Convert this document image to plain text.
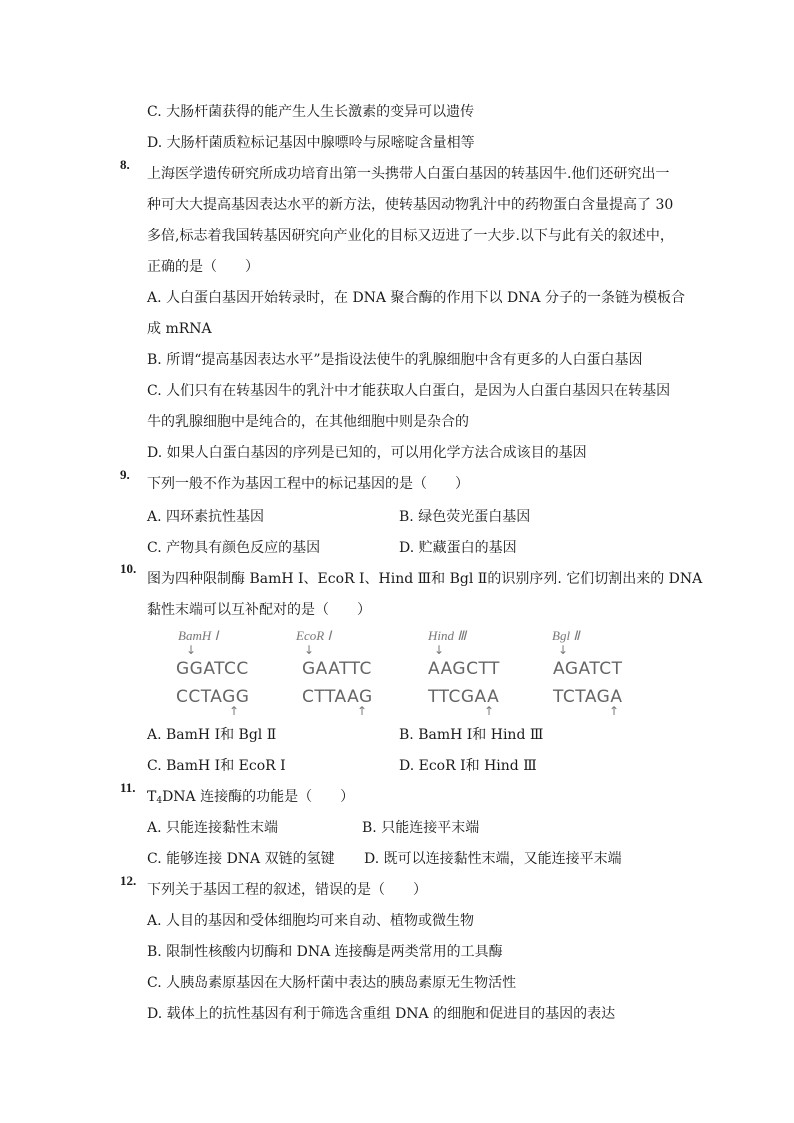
C. 大肠杆菌获得的能产生人生长激素的变异可以遗传
D. 大肠杆菌质粒标记基因中腺嘌呤与尿嘧啶含量相等
8.
上海医学遗传研究所成功培育出第一头携带人白蛋白基因的转基因牛.他们还研究出一
种可大大提高基因表达水平的新方法，使转基因动物乳汁中的药物蛋白含量提高了 30
多倍,标志着我国转基因研究向产业化的目标又迈进了一大步.以下与此有关的叙述中，
正确的是（　　）
A. 人白蛋白基因开始转录时，在 DNA 聚合酶的作用下以 DNA 分子的一条链为模板合
成 mRNA
B. 所谓“提高基因表达水平”是指设法使牛的乳腺细胞中含有更多的人白蛋白基因
C. 人们只有在转基因牛的乳汁中才能获取人白蛋白，是因为人白蛋白基因只在转基因
牛的乳腺细胞中是纯合的，在其他细胞中则是杂合的
D. 如果人白蛋白基因的序列是已知的，可以用化学方法合成该目的基因
9.
下列一般不作为基因工程中的标记基因的是（　　）
A. 四环素抗性基因	B. 绿色荧光蛋白基因
C. 产物具有颜色反应的基因	D. 贮藏蛋白的基因
10.
图为四种限制酶 BamH Ⅰ、EcoR Ⅰ、Hind Ⅲ和 Bgl Ⅱ的识别序列. 它们切割出来的 DNA
黏性末端可以互补配对的是（　　）
BamH Ⅰ
↓
GGATCC
CCTAGG
↑
EcoR Ⅰ
↓
GAATTC
CTTAAG
↑
Hind Ⅲ
↓
AAGCTT
TTCGAA
↑
Bgl Ⅱ
↓
AGATCT
TCTAGA
↑
A. BamH Ⅰ和 Bgl Ⅱ	B. BamH Ⅰ和 Hind Ⅲ
C. BamH Ⅰ和 EcoR Ⅰ	D. EcoR Ⅰ和 Hind Ⅲ
11.
$T_4DNA$ 连接酶的功能是（　　）
A. 只能连接黏性末端	B. 只能连接平末端
C. 能够连接 DNA 双链的氢键 D. 既可以连接黏性末端，又能连接平末端
12.
下列关于基因工程的叙述，错误的是（　　）
A. 人目的基因和受体细胞均可来自动、植物或微生物
B. 限制性核酸内切酶和 DNA 连接酶是两类常用的工具酶
C. 人胰岛素原基因在大肠杆菌中表达的胰岛素原无生物活性
D. 载体上的抗性基因有利于筛选含重组 DNA 的细胞和促进目的基因的表达
